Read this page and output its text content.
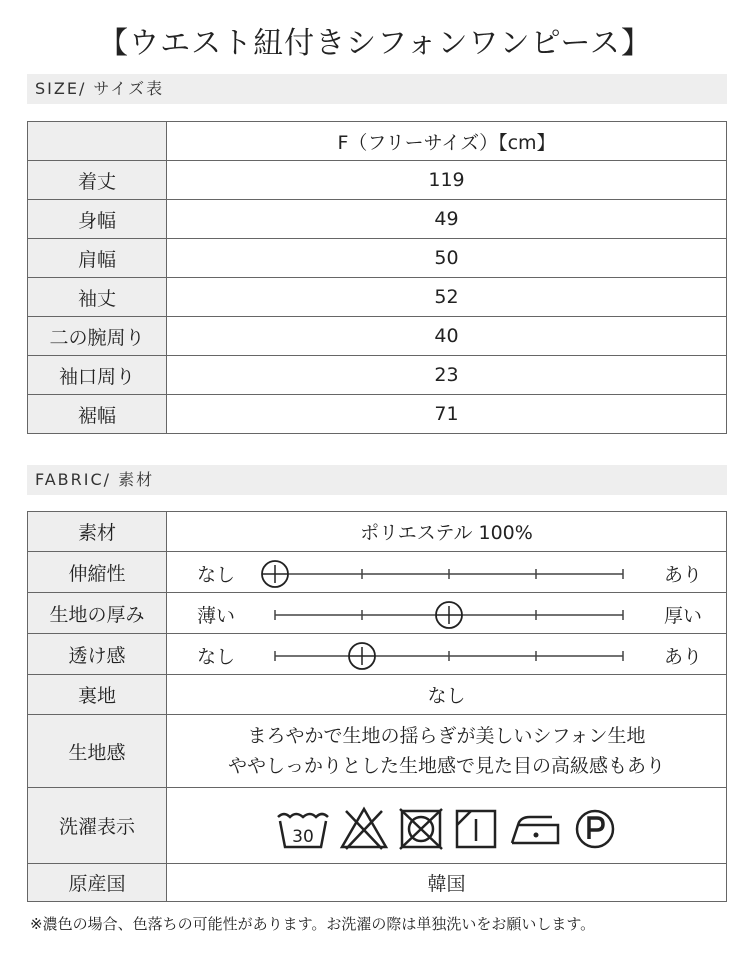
【ウエスト紐付きシフォンワンピース】
SIZE/ サイズ表
	F（フリーサイズ）【cm】
着丈	119
身幅	49
肩幅	50
袖丈	52
二の腕周り	40
袖口周り	23
裾幅	71
FABRIC/ 素材
素材	ポリエステル 100%
伸縮性	なし あり

生地の厚み	薄い 厚い

透け感	なし あり

裏地	なし
生地感	まろやかで生地の揺らぎが美しいシフォン生地
ややしっかりとした生地感で見た目の高級感もあり

洗濯表示	30

原産国	韓国
※濃色の場合、色落ちの可能性があります。お洗濯の際は単独洗いをお願いします。
